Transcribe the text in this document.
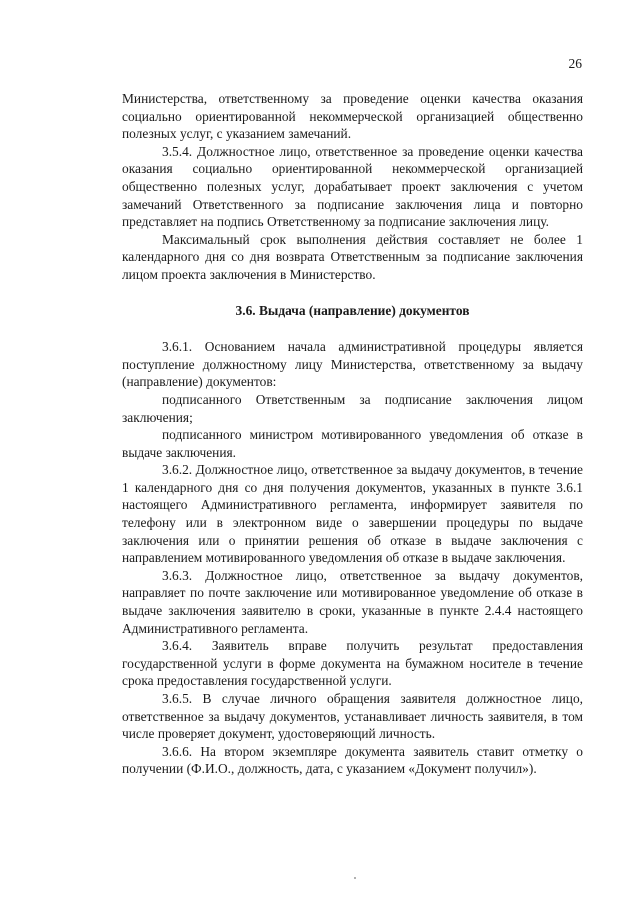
26

Министерства, ответственному за проведение оценки качества оказания социально ориентированной некоммерческой организацией общественно полезных услуг, с указанием замечаний.

3.5.4. Должностное лицо, ответственное за проведение оценки качества оказания социально ориентированной некоммерческой организацией общественно полезных услуг, дорабатывает проект заключения с учетом замечаний Ответственного за подписание заключения лица и повторно представляет на подпись Ответственному за подписание заключения лицу.

Максимальный срок выполнения действия составляет не более 1 календарного дня со дня возврата Ответственным за подписание заключения лицом проекта заключения в Министерство.

3.6. Выдача (направление) документов

3.6.1. Основанием начала административной процедуры является поступление должностному лицу Министерства, ответственному за выдачу (направление) документов:

подписанного Ответственным за подписание заключения лицом заключения;

подписанного министром мотивированного уведомления об отказе в выдаче заключения.

3.6.2. Должностное лицо, ответственное за выдачу документов, в течение 1 календарного дня со дня получения документов, указанных в пункте 3.6.1 настоящего Административного регламента, информирует заявителя по телефону или в электронном виде о завершении процедуры по выдаче заключения или о принятии решения об отказе в выдаче заключения с направлением мотивированного уведомления об отказе в выдаче заключения.

3.6.3. Должностное лицо, ответственное за выдачу документов, направляет по почте заключение или мотивированное уведомление об отказе в выдаче заключения заявителю в сроки, указанные в пункте 2.4.4 настоящего Административного регламента.

3.6.4. Заявитель вправе получить результат предоставления государственной услуги в форме документа на бумажном носителе в течение срока предоставления государственной услуги.

3.6.5. В случае личного обращения заявителя должностное лицо, ответственное за выдачу документов, устанавливает личность заявителя, в том числе проверяет документ, удостоверяющий личность.

3.6.6. На втором экземпляре документа заявитель ставит отметку о получении (Ф.И.О., должность, дата, с указанием «Документ получил»).
